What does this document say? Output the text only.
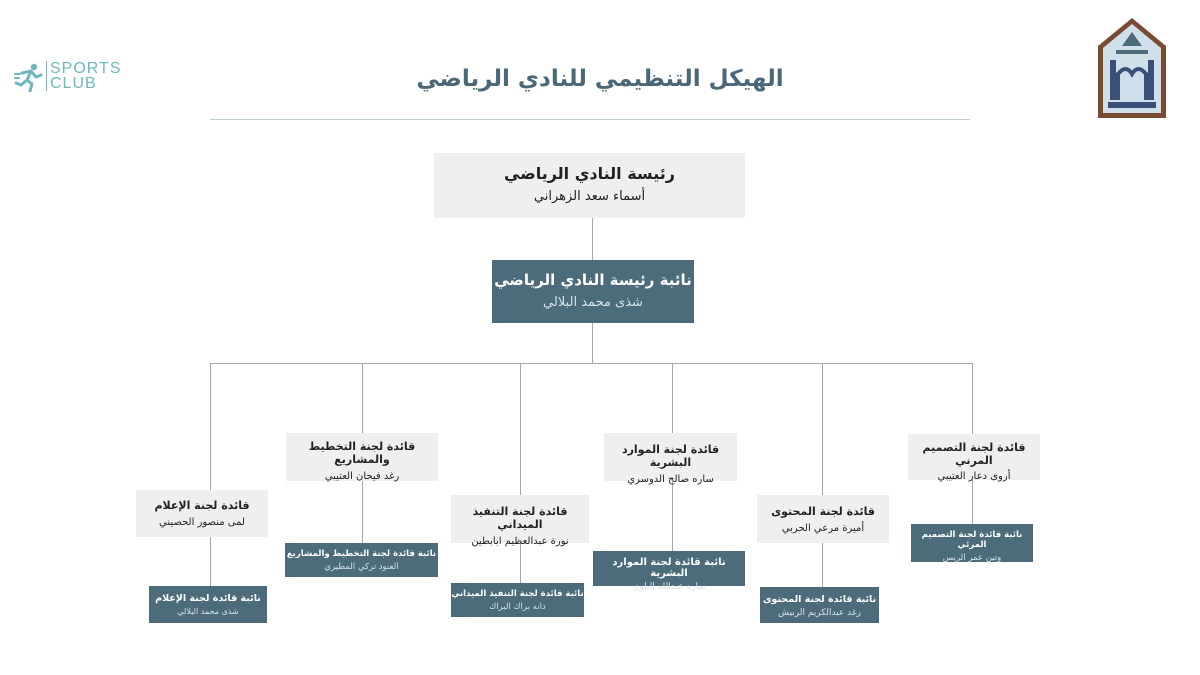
SPORTS
CLUB	الهيكل التنظيمي للنادي الرياضي
رئيسة النادي الرياضي
أسماء سعد الزهراني
نائبة رئيسة النادي الرياضي
شذى محمد البلالي
قائدة لجنة التصميم المرني
أروى دعار العتيبي
نائبة قائدة لجنة التصميم المرئي
وتين عمر الريس
قائدة لجنة المحتوى
أميرة مرعي الحربي
نائبة قائدة لجنة المحتوى
رغد عبدالكريم الربيش
قائدة لجنة الموارد البشرية
ساره صالح الدوسري
نائبة قائدة لجنة الموارد البشرية
ساره عبدالله البلوي
قائدة لجنة التنفيذ الميداني
نورة عبدالعظيم ابابطين
نائبة قائدة لجنة التنفيذ الميداني
دانه براك البراك
قائدة لجنة التخطيط والمشاريع
رغد فيحان العتيبي
نائبة قائدة لجنة التخطيط والمشاريع
العنود تركي المطيري
قائدة لجنة الإعلام
لمى منصور الحصيني
نائبة قائدة لجنة الإعلام
شذى محمد البلالي
